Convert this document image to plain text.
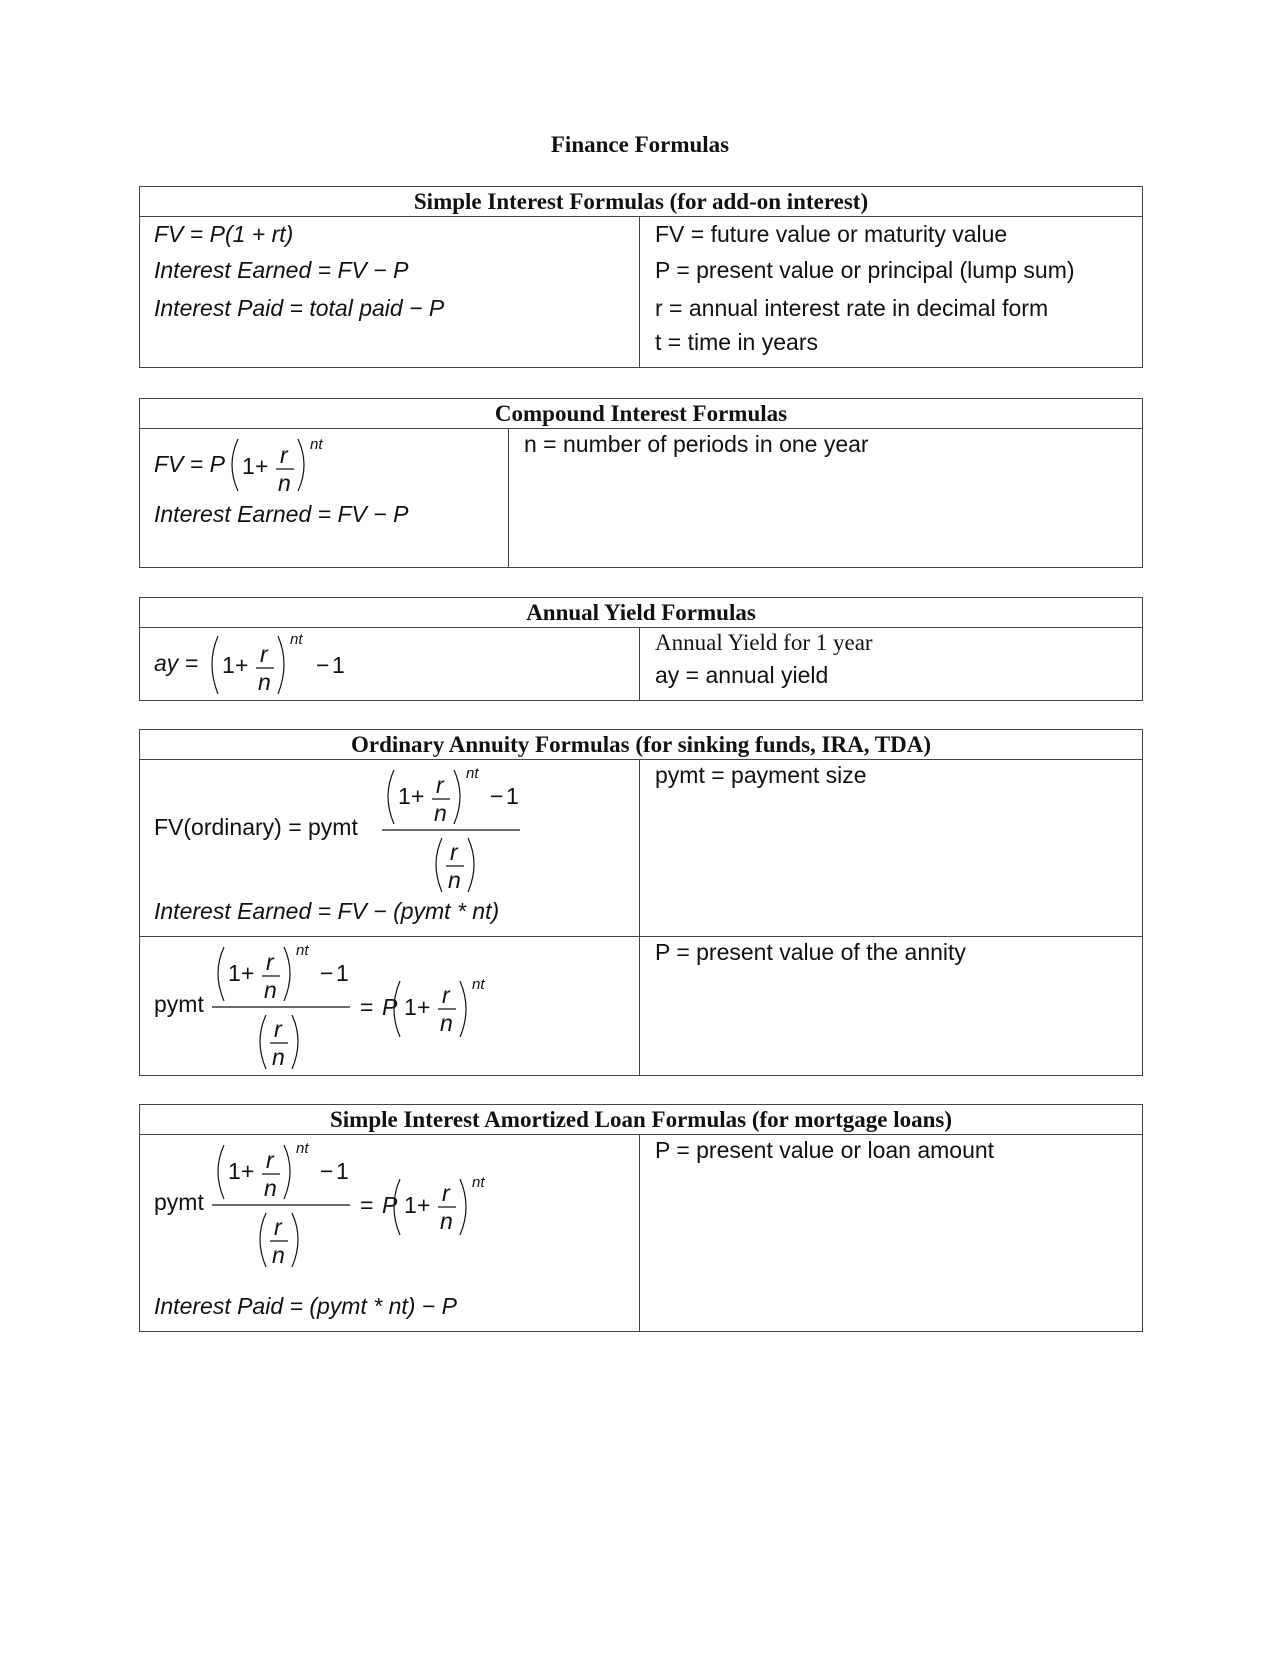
Finance Formulas
Simple Interest Formulas (for add-on interest)
FV = P(1 + rt)
Interest Earned = FV − P
Interest Paid = total paid − P
FV = future value or maturity value
P = present value or principal (lump sum)
r = annual interest rate in decimal form
t = time in years
Compound Interest Formulas
FV = P 1 + r
n
nt
Interest Earned = FV − P
n = number of periods in one year
Annual Yield Formulas
ay = 1 + r
n
nt
− 1
Annual Yield for 1 year
ay = annual yield
Ordinary Annuity Formulas (for sinking funds, IRA, TDA)
FV(ordinary) = pymt
1 + r
n
nt
− 1
r
n
Interest Earned = FV − (pymt * nt)
pymt = payment size
pymt
1 + r
n
nt
− 1
r
n
= P 1 + r
n
nt
P = present value of the annity
Simple Interest Amortized Loan Formulas (for mortgage loans)
pymt
1 + r
n
nt
− 1
r
n
= P 1 + r
n
nt
Interest Paid = (pymt * nt) − P
P = present value or loan amount
